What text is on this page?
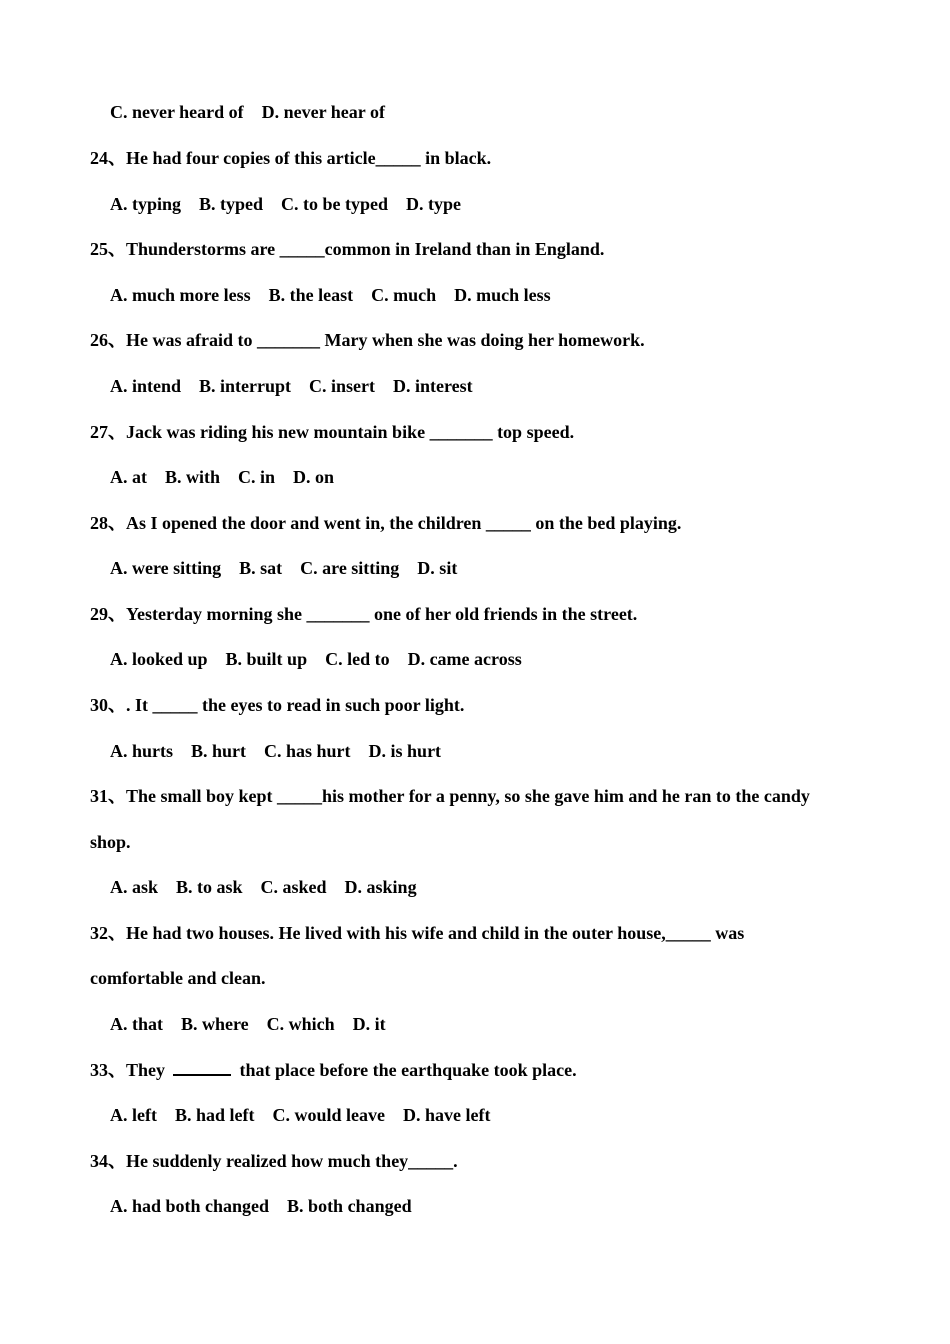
C. never heard of    D. never hear of
24、He had four copies of this article_____ in black.
A. typing    B. typed    C. to be typed    D. type
25、Thunderstorms are _____common in Ireland than in England.
A. much more less    B. the least    C. much    D. much less
26、He was afraid to _______ Mary when she was doing her homework.
A. intend    B. interrupt    C. insert    D. interest
27、Jack was riding his new mountain bike _______ top speed.
A. at    B. with    C. in    D. on
28、As I opened the door and went in, the children _____ on the bed playing.
A. were sitting    B. sat    C. are sitting    D. sit
29、Yesterday morning she _______ one of her old friends in the street.
A. looked up    B. built up    C. led to    D. came across
30、. It _____ the eyes to read in such poor light.
A. hurts    B. hurt    C. has hurt    D. is hurt
31、The small boy kept _____his mother for a penny, so she gave him and he ran to the candy
shop.
A. ask    B. to ask    C. asked    D. asking
32、He had two houses. He lived with his wife and child in the outer house,_____ was
comfortable and clean.
A. that    B. where    C. which    D. it
33、They	that place before the earthquake took place.
A. left    B. had left    C. would leave    D. have left
34、He suddenly realized how much they_____.
A. had both changed    B. both changed
